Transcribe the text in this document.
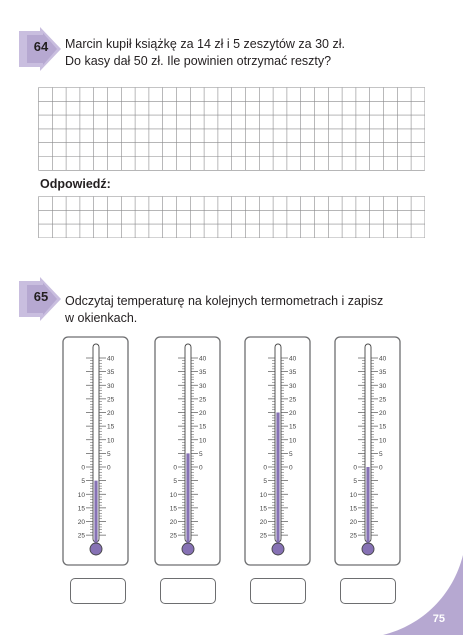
64	Marcin kupił książkę za 14 zł i 5 zeszytów za 30 zł.
Do kasy dał 50 zł. Ile powinien otrzymać reszty?
Odpowiedź:
65	Odczytaj temperaturę na kolejnych termometrach i zapisz
w okienkach.
40
35
30
25
20
15
10
5
0
0
5
10
15
20
25
40
35
30
25
20
15
10
5
0
0
5
10
15
20
25
40
35
30
25
20
15
10
5
0
0
5
10
15
20
25
40
35
30
25
20
15
10
5
0
0
5
10
15
20
25
75
